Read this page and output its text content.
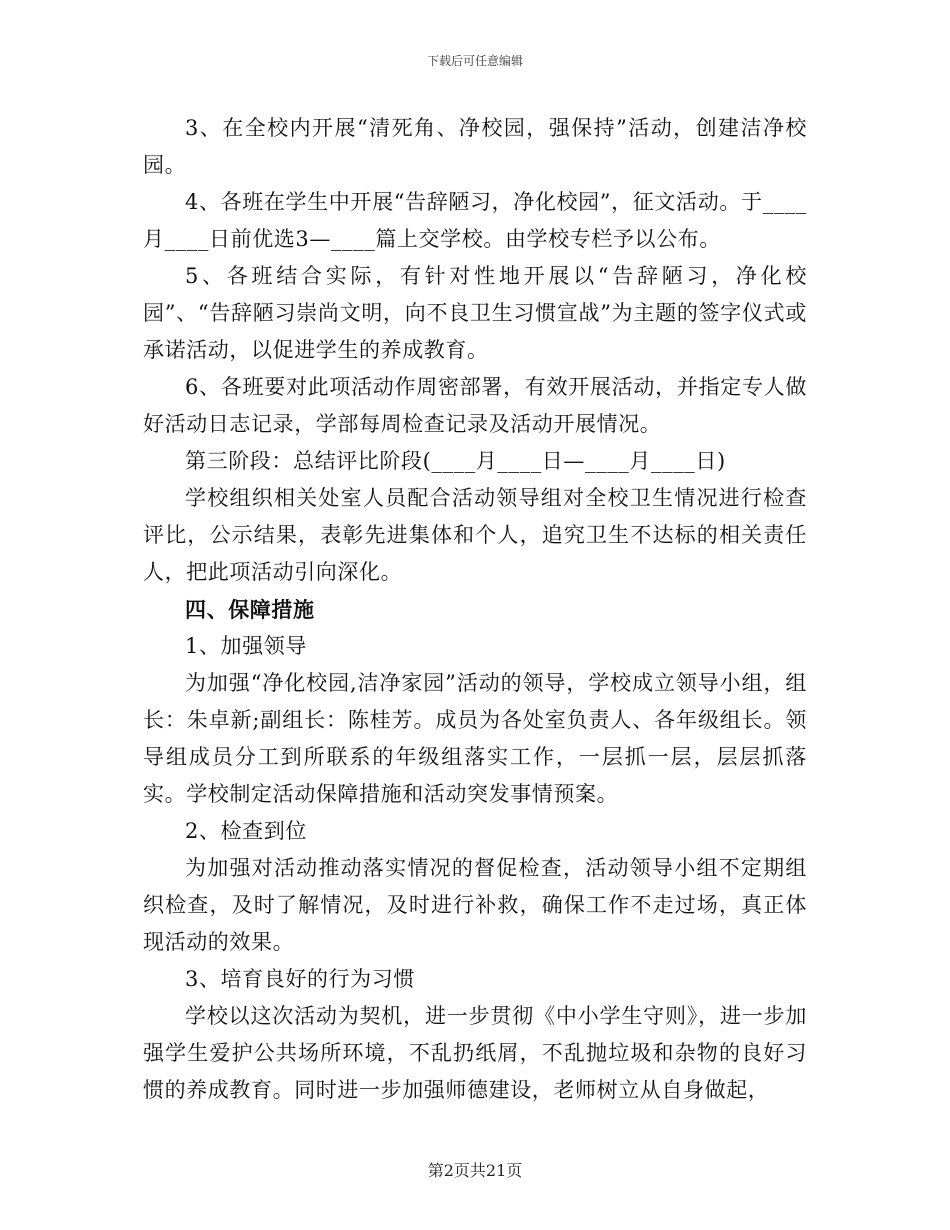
下载后可任意编辑

3、在全校内开展“清死角、净校园，强保持”活动，创建洁净校园。

4、各班在学生中开展“告辞陋习，净化校园”，征文活动。于____月____日前优选3—____篇上交学校。由学校专栏予以公布。

5、各班结合实际，有针对性地开展以“告辞陋习，净化校园”、“告辞陋习崇尚文明，向不良卫生习惯宣战”为主题的签字仪式或承诺活动，以促进学生的养成教育。

6、各班要对此项活动作周密部署，有效开展活动，并指定专人做好活动日志记录，学部每周检查记录及活动开展情况。

第三阶段：总结评比阶段(____月____日—____月____日)

学校组织相关处室人员配合活动领导组对全校卫生情况进行检查评比，公示结果，表彰先进集体和个人，追究卫生不达标的相关责任人，把此项活动引向深化。

四、保障措施

1、加强领导

为加强“净化校园,洁净家园”活动的领导，学校成立领导小组，组长：朱卓新;副组长：陈桂芳。成员为各处室负责人、各年级组长。领导组成员分工到所联系的年级组落实工作，一层抓一层，层层抓落实。学校制定活动保障措施和活动突发事情预案。

2、检查到位

为加强对活动推动落实情况的督促检查，活动领导小组不定期组织检查，及时了解情况，及时进行补救，确保工作不走过场，真正体现活动的效果。

3、培育良好的行为习惯

学校以这次活动为契机，进一步贯彻《中小学生守则》，进一步加强学生爱护公共场所环境，不乱扔纸屑，不乱抛垃圾和杂物的良好习惯的养成教育。同时进一步加强师德建设，老师树立从自身做起，

第2页共21页
